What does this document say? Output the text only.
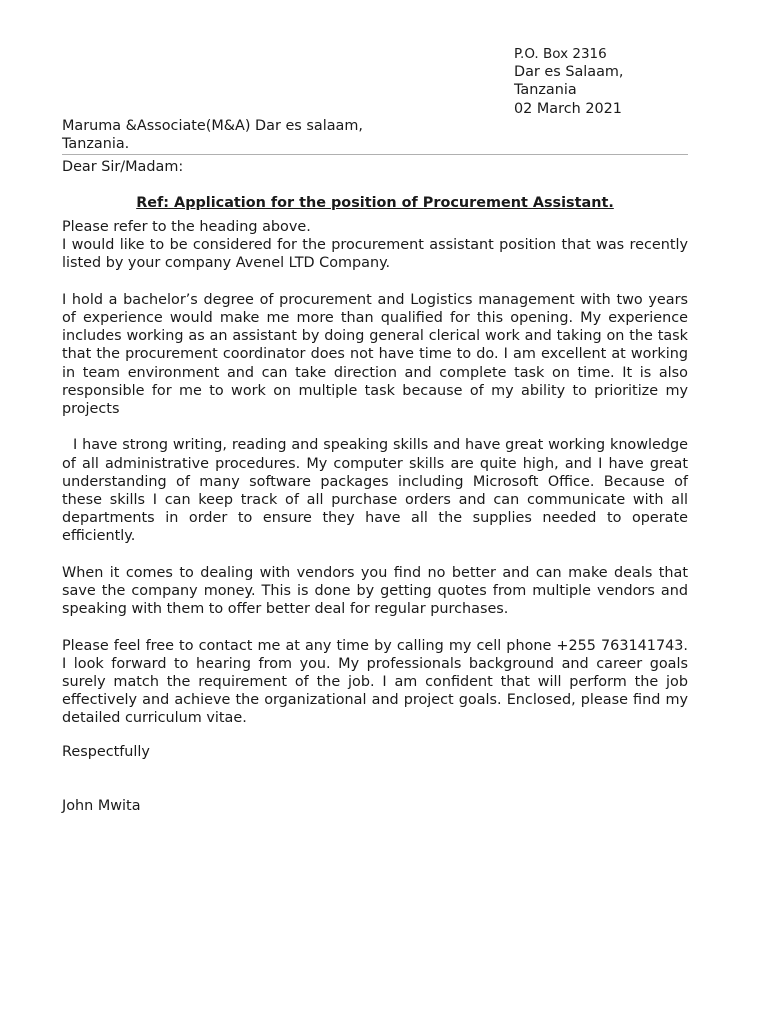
P.O. Box 2316
Dar es Salaam,
Tanzania
02 March 2021
Maruma &Associate(M&A) Dar es salaam,
Tanzania.
Dear Sir/Madam:
Ref: Application for the position of Procurement Assistant.

Please refer to the heading above.

I would like to be considered for the procurement assistant position that was recently listed by your company Avenel LTD Company.

I hold a bachelor’s degree of procurement and Logistics management with two years of experience would make me more than qualified for this opening. My experience includes working as an assistant by doing general clerical work and taking on the task that the procurement coordinator does not have time to do. I am excellent at working in team environment and can take direction and complete task on time. It is also responsible for me to work on multiple task because of my ability to prioritize my projects

I have strong writing, reading and speaking skills and have great working knowledge of all administrative procedures. My computer skills are quite high, and I have great understanding of many software packages including Microsoft Office. Because of these skills I can keep track of all purchase orders and can communicate with all departments in order to ensure they have all the supplies needed to operate efficiently.

When it comes to dealing with vendors you find no better and can make deals that save the company money. This is done by getting quotes from multiple vendors and speaking with them to offer better deal for regular purchases.

Please feel free to contact me at any time by calling my cell phone +255 763141743. I look forward to hearing from you. My professionals background and career goals surely match the requirement of the job. I am confident that will perform the job effectively and achieve the organizational and project goals. Enclosed, please find my detailed curriculum vitae.

Respectfully
John Mwita
